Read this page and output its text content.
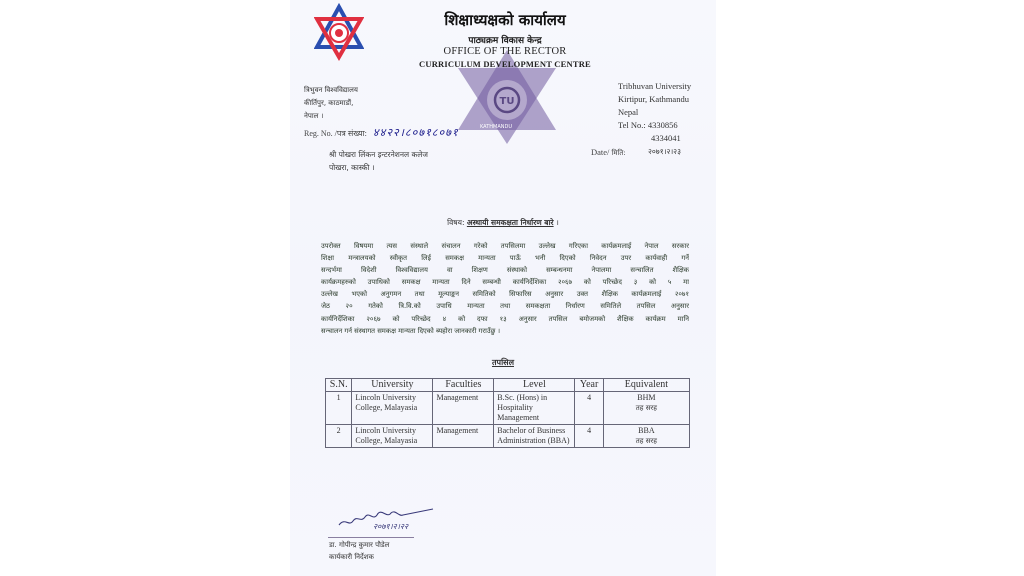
TU
KATHMANDU
शिक्षाध्यक्षको कार्यालय
पाठ्यक्रम विकास केन्द्र
OFFICE OF THE RECTOR
CURRICULUM DEVELOPMENT CENTRE
त्रिभुवन विश्वविद्यालय
कीर्तिपुर, काठमाडौं,
नेपाल ।
Reg. No. /पत्र संख्या: ४४२२।८०७१८०७१
Tribhuvan University
Kirtipur, Kathmandu
Nepal
Tel No.: 4330856
4334041
२०७१।२।२३
Date/ मिति:
श्री पोखरा लिंकन इन्टरनेशनल कलेज
पोखरा, कास्की ।
विषय: अस्थायी समकक्षता निर्धारण बारे ।
उपरोक्त विषयमा त्यस संस्थाले संचालन गरेको तपसिलमा उल्लेख गरिएका कार्यक्रमलाई नेपाल सरकार
शिक्षा मन्त्रालयको स्वीकृत लिई समकक्ष मान्यता पाऊँ भनी दिएको निवेदन उपर कार्यवाही गर्ने
सन्दर्भमा विदेशी विश्वविद्यालय वा शिक्षण संस्थाको सम्बन्धनमा नेपालमा सन्चालित शैक्षिक
कार्यक्रमहरुको उपाधिको समकक्ष मान्यता दिने सम्बन्धी कार्यनिर्देशिका २०६७ को परिच्छेद ३ को ५ मा
उल्लेख भएको अनुगमन तथा मूल्याङ्कन समितिको सिफारिस अनुसार उक्त शैक्षिक कार्यक्रमलाई २०७१
जेठ २० गतेको त्रि.वि.को उपाधि मान्यता तथा समकक्षता निर्धारण समितिले तपसिल अनुसार
कार्यनिर्देशिका २०६७ को परिच्छेद ४ को दफा १३ अनुसार तपसिल बमोजमको शैक्षिक कार्यक्रम मानि
सन्चालन गर्न संस्थागत समकक्ष मान्यता दिएको ब्यहोरा जानकारी गराउँछु ।
तपसिल
S.N.	University	Faculties	Level	Year	Equivalent
1	Lincoln University College, Malayasia	Management	B.Sc. (Hons) in Hospitality Management	4	BHM
तह सरह

2	Lincoln University College, Malayasia	Management	Bachelor of Business Administration (BBA)	4	BBA
तह सरह
२०७१।२।२२
डा. गोपीन्द्र कुमार पौडेल
कार्यकारी निर्देशक
